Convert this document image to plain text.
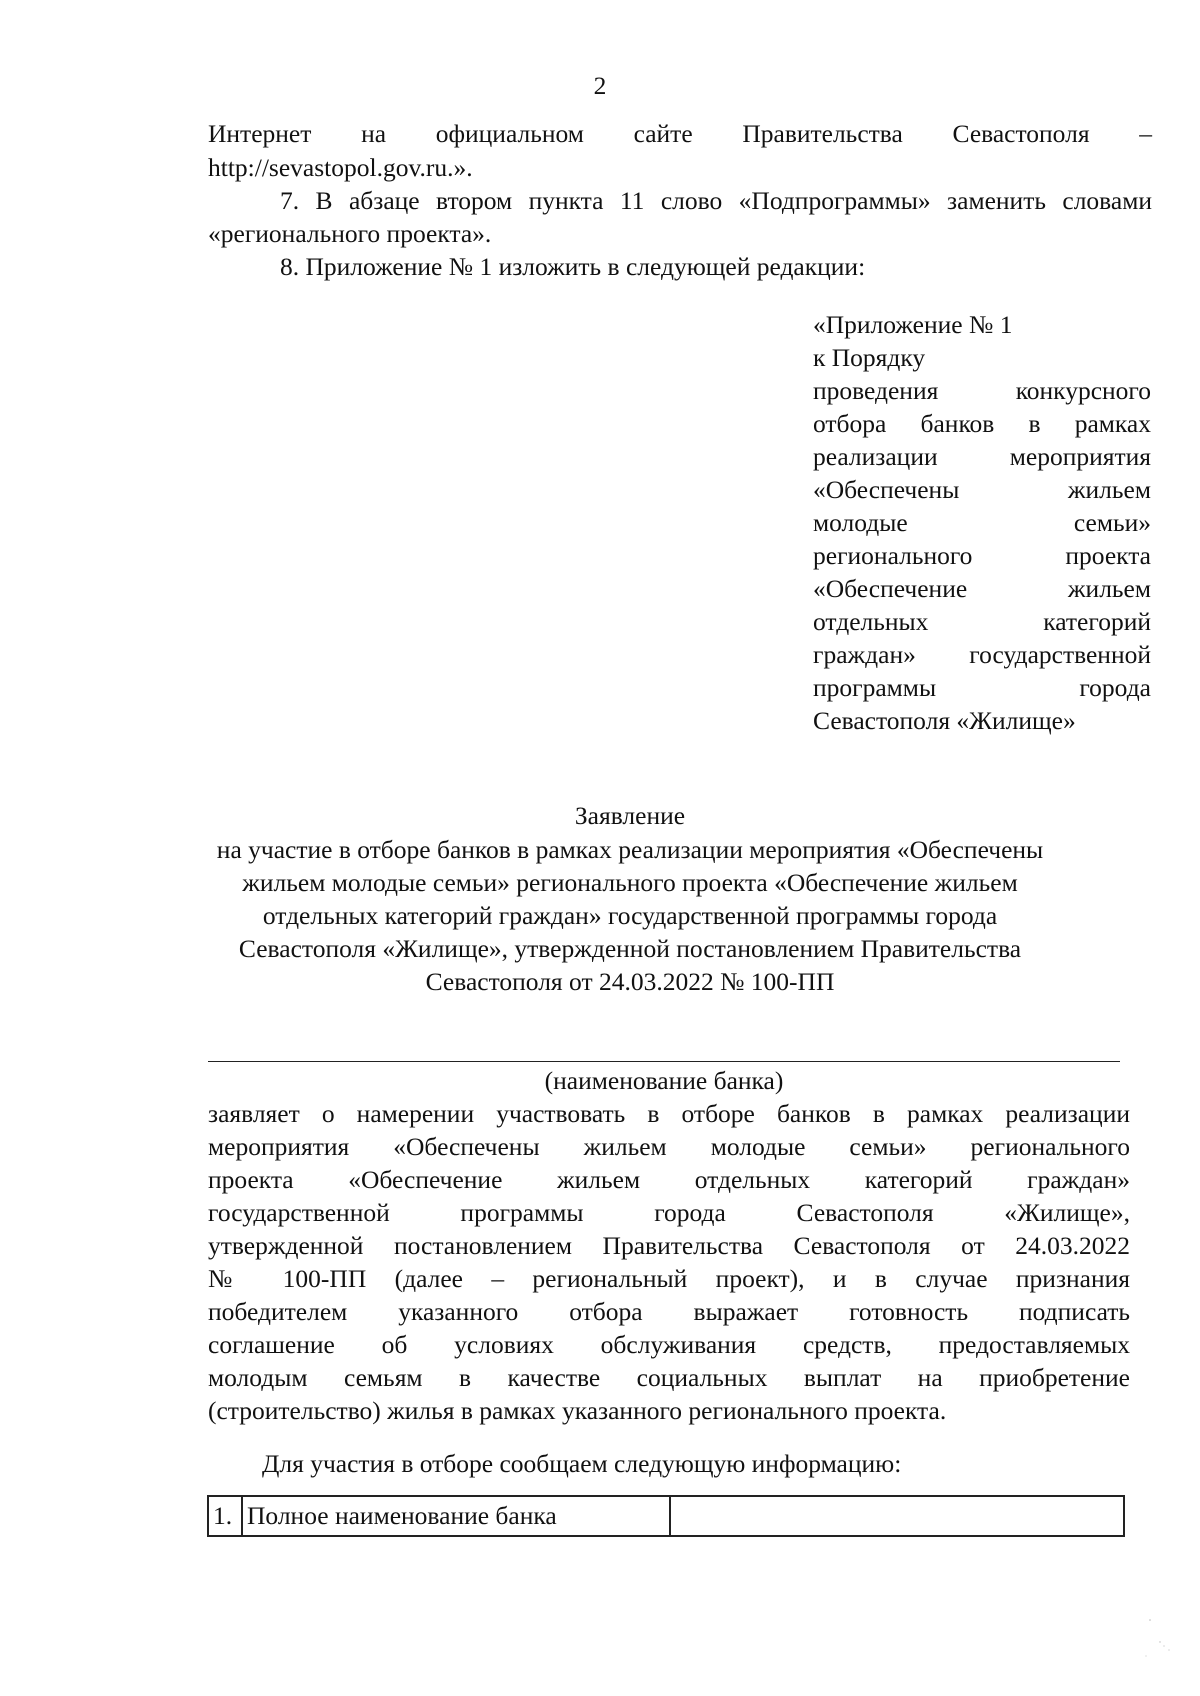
2
Интернет на официальном сайте Правительства Севастополя –
http://sevastopol.gov.ru.».
7. В абзаце втором пункта 11 слово «Подпрограммы» заменить словами
«регионального проекта».
8. Приложение № 1 изложить в следующей редакции:
«Приложение № 1
к Порядку
проведения конкурсного
отбора банков в рамках
реализации мероприятия
«Обеспечены жильем
молодые семьи»
регионального проекта
«Обеспечение жильем
отдельных категорий
граждан» государственной
программы города
Севастополя «Жилище»
Заявление
на участие в отборе банков в рамках реализации мероприятия «Обеспечены
жильем молодые семьи» регионального проекта «Обеспечение жильем
отдельных категорий граждан» государственной программы города
Севастополя «Жилище», утвержденной постановлением Правительства
Севастополя от 24.03.2022 № 100-ПП
(наименование банка)
заявляет о намерении участвовать в отборе банков в рамках реализации
мероприятия «Обеспечены жильем молодые семьи» регионального
проекта «Обеспечение жильем отдельных категорий граждан»
государственной программы города Севастополя «Жилище»,
утвержденной постановлением Правительства Севастополя от 24.03.2022
№ 100-ПП (далее – региональный проект), и в случае признания
победителем указанного отбора выражает готовность подписать
соглашение об условиях обслуживания средств, предоставляемых
молодым семьям в качестве социальных выплат на приобретение
(строительство) жилья в рамках указанного регионального проекта.
Для участия в отборе сообщаем следующую информацию:
1.	Полное наименование банка	
